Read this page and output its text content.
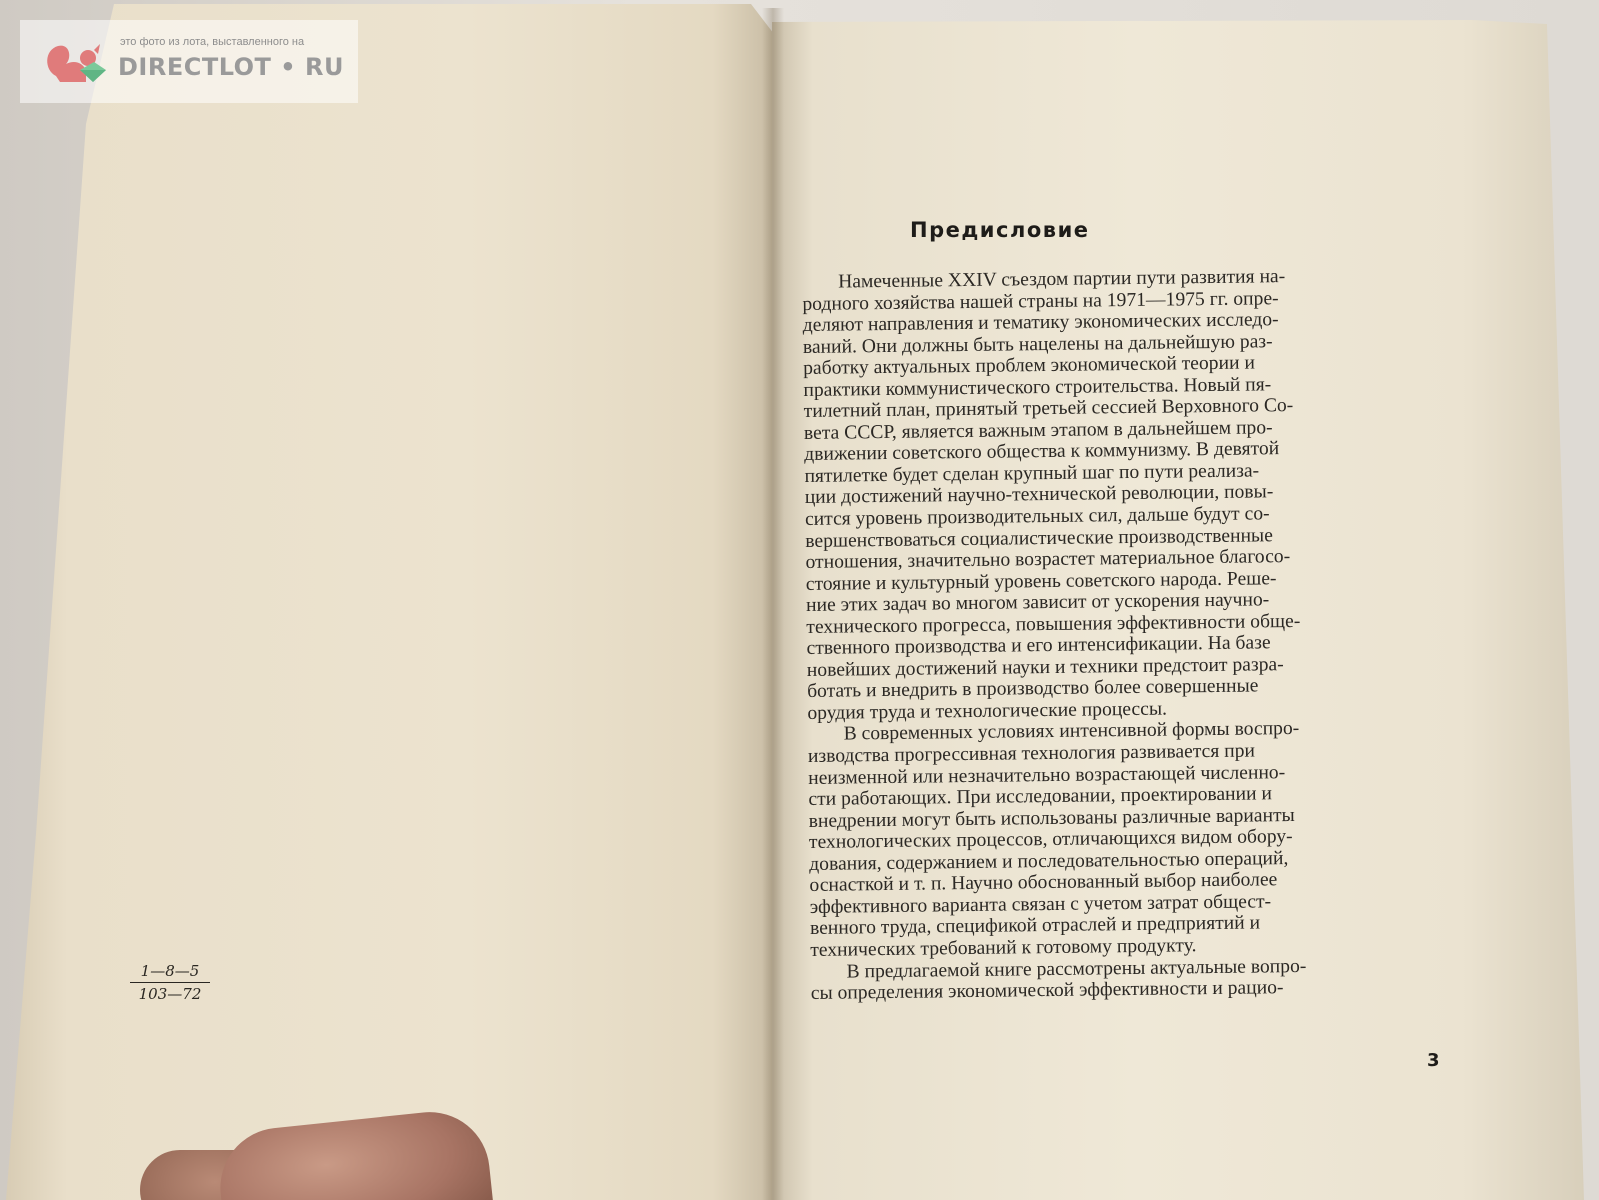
это фото из лота, выставленного на
DIRECTLOT • RU
$\frac{1—8—5}{103—72}$
Предисловие
Намеченные XXIV съездом партии пути развития на-
родного хозяйства нашей страны на 1971—1975 гг. опре-
деляют направления и тематику экономических исследо-
ваний. Они должны быть нацелены на дальнейшую раз-
работку актуальных проблем экономической теории и
практики коммунистического строительства. Новый пя-
тилетний план, принятый третьей сессией Верховного Со-
вета СССР, является важным этапом в дальнейшем про-
движении советского общества к коммунизму. В девятой
пятилетке будет сделан крупный шаг по пути реализа-
ции достижений научно-технической революции, повы-
сится уровень производительных сил, дальше будут со-
вершенствоваться социалистические производственные
отношения, значительно возрастет материальное благосо-
стояние и культурный уровень советского народа. Реше-
ние этих задач во многом зависит от ускорения научно-
технического прогресса, повышения эффективности обще-
ственного производства и его интенсификации. На базе
новейших достижений науки и техники предстоит разра-
ботать и внедрить в производство более совершенные
орудия труда и технологические процессы.
В современных условиях интенсивной формы воспро-
изводства прогрессивная технология развивается при
неизменной или незначительно возрастающей численно-
сти работающих. При исследовании, проектировании и
внедрении могут быть использованы различные варианты
технологических процессов, отличающихся видом обору-
дования, содержанием и последовательностью операций,
оснасткой и т. п. Научно обоснованный выбор наиболее
эффективного варианта связан с учетом затрат общест-
венного труда, спецификой отраслей и предприятий и
технических требований к готовому продукту.
В предлагаемой книге рассмотрены актуальные вопро-
сы определения экономической эффективности и рацио-
3
